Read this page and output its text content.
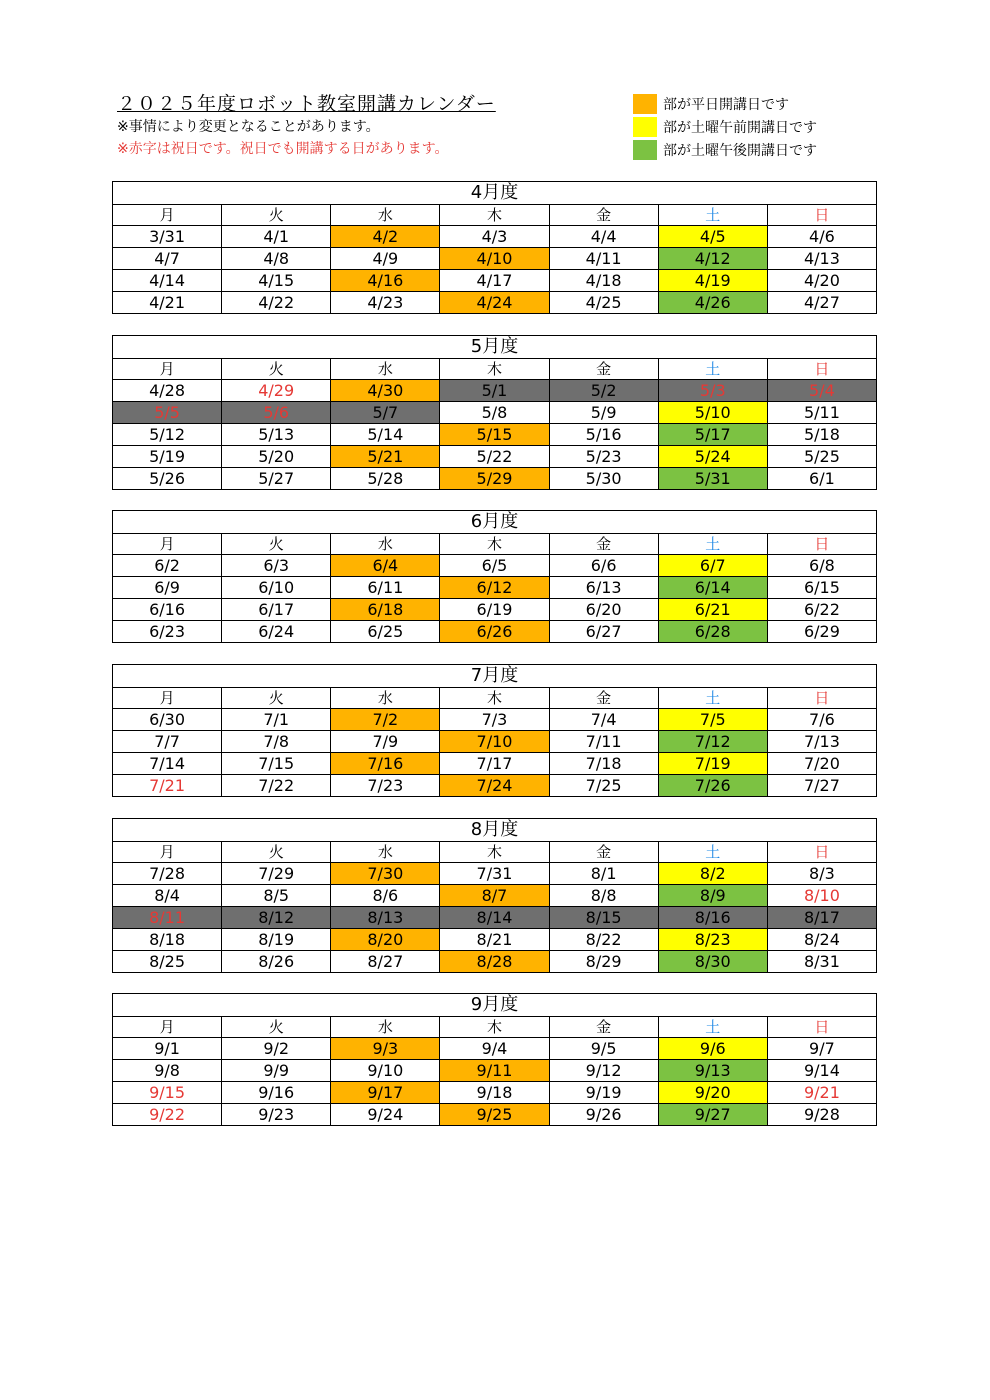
２０２５年度ロボット教室開講カレンダー
※事情により変更となることがあります。
※赤字は祝日です。祝日でも開講する日があります。
部が平日開講日です
部が土曜午前開講日です
部が土曜午後開講日です
4月度						
月	火	水	木	金	土	日
3/31	4/1	4/2	4/3	4/4	4/5	4/6
4/7	4/8	4/9	4/10	4/11	4/12	4/13
4/14	4/15	4/16	4/17	4/18	4/19	4/20
4/21	4/22	4/23	4/24	4/25	4/26	4/27
5月度						
月	火	水	木	金	土	日
4/28	4/29	4/30	5/1	5/2	5/3	5/4
5/5	5/6	5/7	5/8	5/9	5/10	5/11
5/12	5/13	5/14	5/15	5/16	5/17	5/18
5/19	5/20	5/21	5/22	5/23	5/24	5/25
5/26	5/27	5/28	5/29	5/30	5/31	6/1
6月度						
月	火	水	木	金	土	日
6/2	6/3	6/4	6/5	6/6	6/7	6/8
6/9	6/10	6/11	6/12	6/13	6/14	6/15
6/16	6/17	6/18	6/19	6/20	6/21	6/22
6/23	6/24	6/25	6/26	6/27	6/28	6/29
7月度						
月	火	水	木	金	土	日
6/30	7/1	7/2	7/3	7/4	7/5	7/6
7/7	7/8	7/9	7/10	7/11	7/12	7/13
7/14	7/15	7/16	7/17	7/18	7/19	7/20
7/21	7/22	7/23	7/24	7/25	7/26	7/27
8月度						
月	火	水	木	金	土	日
7/28	7/29	7/30	7/31	8/1	8/2	8/3
8/4	8/5	8/6	8/7	8/8	8/9	8/10
8/11	8/12	8/13	8/14	8/15	8/16	8/17
8/18	8/19	8/20	8/21	8/22	8/23	8/24
8/25	8/26	8/27	8/28	8/29	8/30	8/31
9月度						
月	火	水	木	金	土	日
9/1	9/2	9/3	9/4	9/5	9/6	9/7
9/8	9/9	9/10	9/11	9/12	9/13	9/14
9/15	9/16	9/17	9/18	9/19	9/20	9/21
9/22	9/23	9/24	9/25	9/26	9/27	9/28
